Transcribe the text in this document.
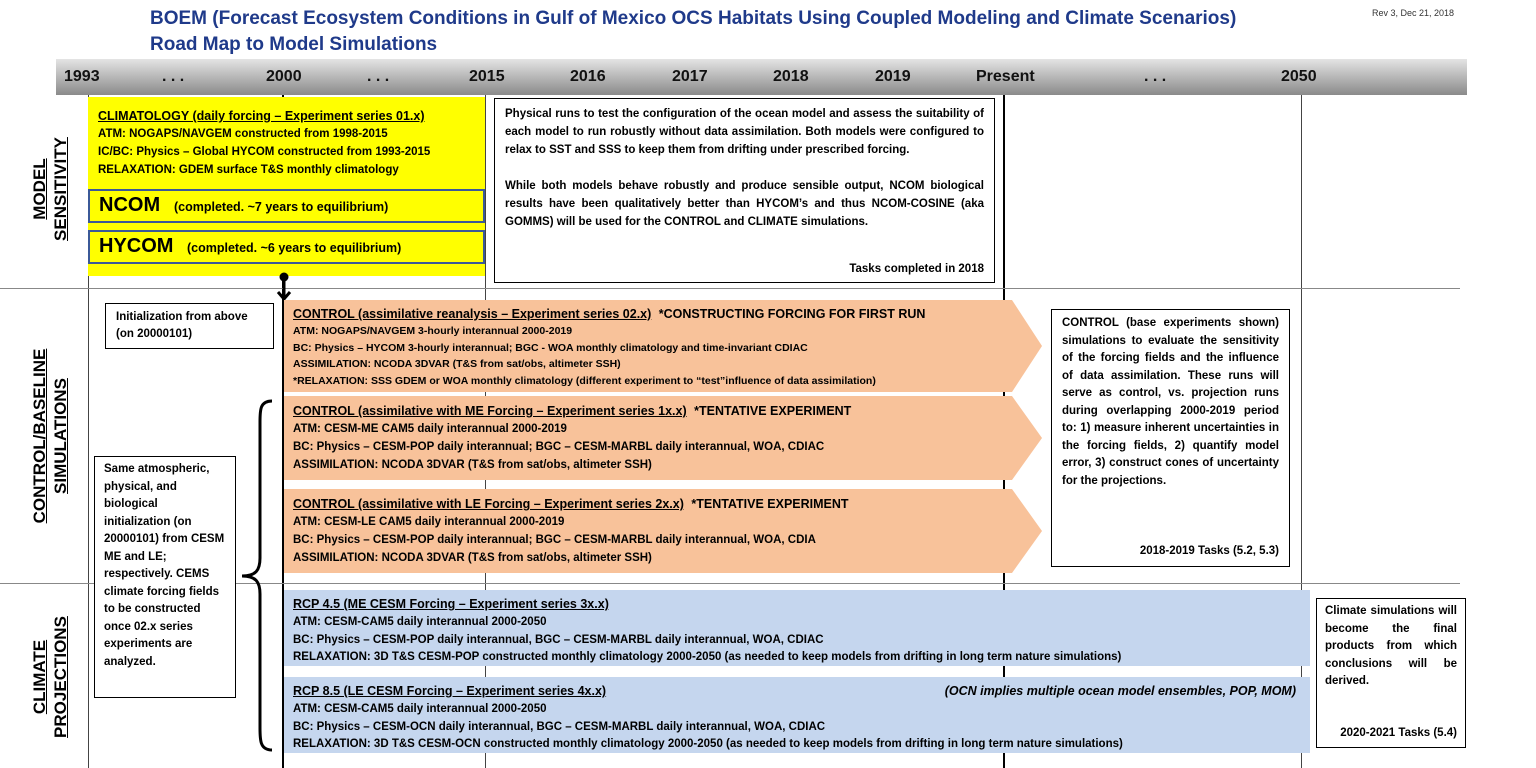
BOEM (Forecast Ecosystem Conditions in Gulf of Mexico OCS Habitats Using Coupled Modeling and Climate Scenarios)
Road Map to Model Simulations
Rev 3, Dec 21, 2018
1993	. . .	2000	. . .	2015	2016	2017	2018	2019	Present	. . .	2050
MODEL SENSITIVITY
CONTROL/BASELINE SIMULATIONS
CLIMATE PROJECTIONS
CLIMATOLOGY (daily forcing – Experiment series 01.x)
ATM: NOGAPS/NAVGEM constructed from 1998-2015
IC/BC: Physics – Global HYCOM constructed from 1993-2015
RELAXATION: GDEM surface T&S monthly climatology
NCOM (completed. ~7 years to equilibrium)
HYCOM (completed. ~6 years to equilibrium)
Physical runs to test the configuration of the ocean model and assess the suitability of each model to run robustly without data assimilation. Both models were configured to relax to SST and SSS to keep them from drifting under prescribed forcing.
While both models behave robustly and produce sensible output, NCOM biological results have been qualitatively better than HYCOM’s and thus NCOM-COSINE (aka GOMMS) will be used for the CONTROL and CLIMATE simulations.
Tasks completed in 2018
Initialization from above (on 20000101)
Same atmospheric, physical, and biological initialization (on 20000101) from CESM ME and LE; respectively. CEMS climate forcing fields to be constructed once 02.x series experiments are analyzed.
CONTROL (assimilative reanalysis – Experiment series 02.x) *CONSTRUCTING FORCING FOR FIRST RUN
ATM: NOGAPS/NAVGEM 3-hourly interannual 2000-2019
BC: Physics – HYCOM 3-hourly interannual; BGC - WOA monthly climatology and time-invariant CDIAC
ASSIMILATION: NCODA 3DVAR (T&S from sat/obs, altimeter SSH)
*RELAXATION: SSS GDEM or WOA monthly climatology (different experiment to “test”influence of data assimilation)
CONTROL (assimilative with ME Forcing – Experiment series 1x.x) *TENTATIVE EXPERIMENT
ATM: CESM-ME CAM5 daily interannual 2000-2019
BC: Physics – CESM-POP daily interannual; BGC – CESM-MARBL daily interannual, WOA, CDIAC
ASSIMILATION: NCODA 3DVAR (T&S from sat/obs, altimeter SSH)
CONTROL (assimilative with LE Forcing – Experiment series 2x.x) *TENTATIVE EXPERIMENT
ATM: CESM-LE CAM5 daily interannual 2000-2019
BC: Physics – CESM-POP daily interannual; BGC – CESM-MARBL daily interannual, WOA, CDIA
ASSIMILATION: NCODA 3DVAR (T&S from sat/obs, altimeter SSH)
CONTROL (base experiments shown) simulations to evaluate the sensitivity of the forcing fields and the influence of data assimilation. These runs will serve as control, vs. projection runs during overlapping 2000-2019 period to: 1) measure inherent uncertainties in the forcing fields, 2) quantify model error, 3) construct cones of uncertainty for the projections.
2018-2019 Tasks (5.2, 5.3)
RCP 4.5 (ME CESM Forcing – Experiment series 3x.x)
ATM: CESM-CAM5 daily interannual 2000-2050
BC: Physics – CESM-POP daily interannual, BGC – CESM-MARBL daily interannual, WOA, CDIAC
RELAXATION: 3D T&S CESM-POP constructed monthly climatology 2000-2050 (as needed to keep models from drifting in long term nature simulations)
RCP 8.5 (LE CESM Forcing – Experiment series 4x.x)	(OCN implies multiple ocean model ensembles, POP, MOM)
ATM: CESM-CAM5 daily interannual 2000-2050
BC: Physics – CESM-OCN daily interannual, BGC – CESM-MARBL daily interannual, WOA, CDIAC
RELAXATION: 3D T&S CESM-OCN constructed monthly climatology 2000-2050 (as needed to keep models from drifting in long term nature simulations)
Climate simulations will become the final products from which conclusions will be derived.
2020-2021 Tasks (5.4)
